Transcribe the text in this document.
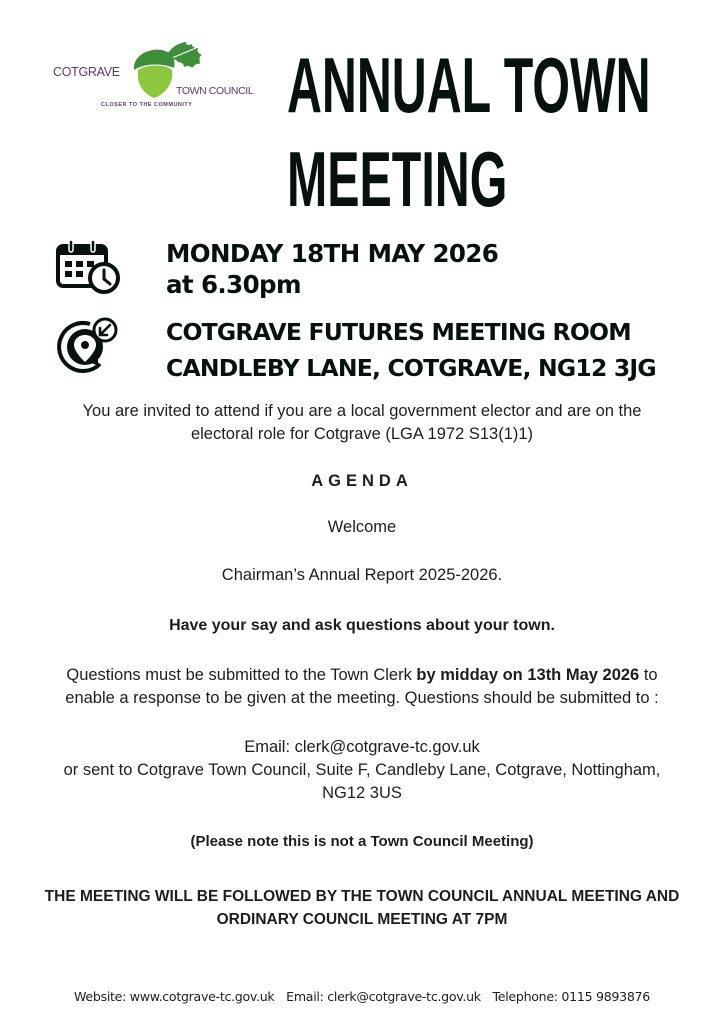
COTGRAVE
TOWN COUNCIL
CLOSER TO THE COMMUNITY ANNUAL TOWN
MEETING
MONDAY 18TH MAY 2026
at 6.30pm
COTGRAVE FUTURES MEETING ROOM
CANDLEBY LANE, COTGRAVE, NG12 3JG
You are invited to attend if you are a local government elector and are on the
electoral role for Cotgrave (LGA 1972 S13(1)1)
AGENDA
Welcome
Chairman’s Annual Report 2025-2026.
Have your say and ask questions about your town.
Questions must be submitted to the Town Clerk by midday on 13th May 2026 to
enable a response to be given at the meeting. Questions should be submitted to :
Email: clerk@cotgrave-tc.gov.uk
or sent to Cotgrave Town Council, Suite F, Candleby Lane, Cotgrave, Nottingham,
NG12 3US
(Please note this is not a Town Council Meeting)
THE MEETING WILL BE FOLLOWED BY THE TOWN COUNCIL ANNUAL MEETING AND
ORDINARY COUNCIL MEETING AT 7PM
Website: www.cotgrave-tc.gov.uk Email: clerk@cotgrave-tc.gov.uk Telephone: 0115 9893876
